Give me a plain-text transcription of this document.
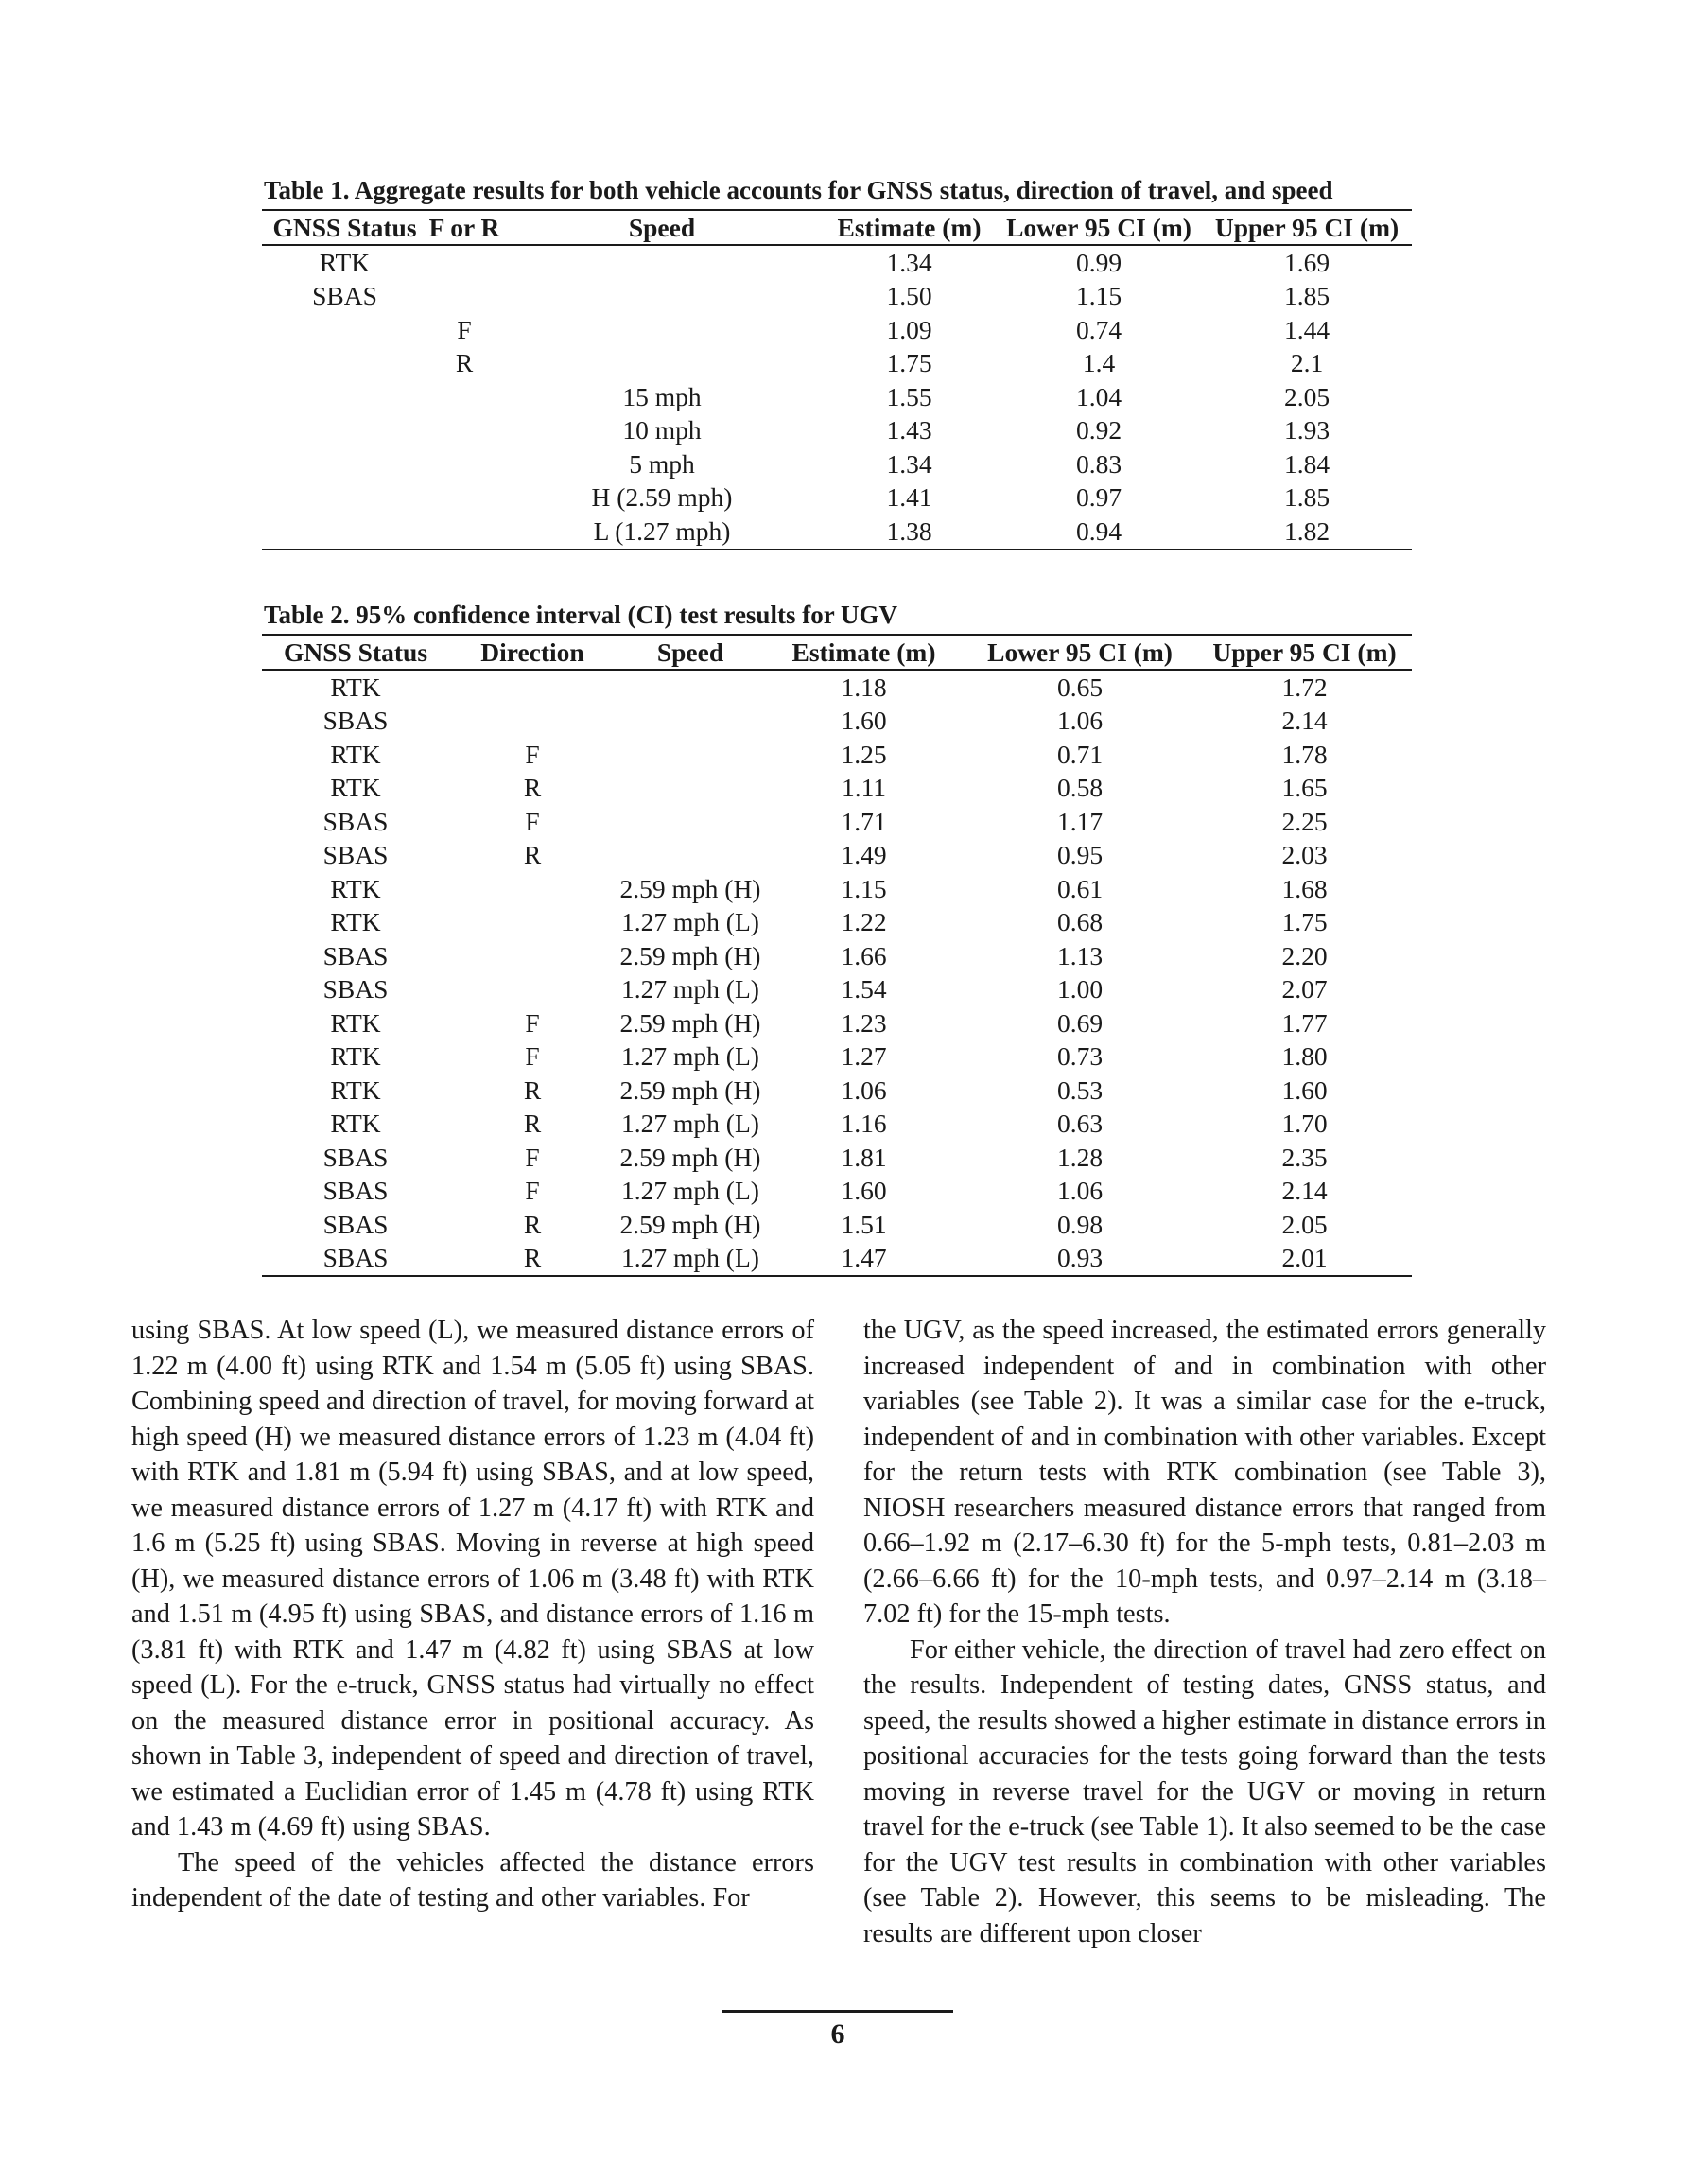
Table 1. Aggregate results for both vehicle accounts for GNSS status, direction of travel, and speed
GNSS Status	F or R	Speed	Estimate (m)	Lower 95 CI (m)	Upper 95 CI (m)
RTK			1.34	0.99	1.69
SBAS			1.50	1.15	1.85
	F		1.09	0.74	1.44
	R		1.75	1.4	2.1
		15 mph	1.55	1.04	2.05
		10 mph	1.43	0.92	1.93
		5 mph	1.34	0.83	1.84
		H (2.59 mph)	1.41	0.97	1.85
		L (1.27 mph)	1.38	0.94	1.82
Table 2. 95% confidence interval (CI) test results for UGV
GNSS Status	Direction	Speed	Estimate (m)	Lower 95 CI (m)	Upper 95 CI (m)
RTK			1.18	0.65	1.72
SBAS			1.60	1.06	2.14
RTK	F		1.25	0.71	1.78
RTK	R		1.11	0.58	1.65
SBAS	F		1.71	1.17	2.25
SBAS	R		1.49	0.95	2.03
RTK		2.59 mph (H)	1.15	0.61	1.68
RTK		1.27 mph (L)	1.22	0.68	1.75
SBAS		2.59 mph (H)	1.66	1.13	2.20
SBAS		1.27 mph (L)	1.54	1.00	2.07
RTK	F	2.59 mph (H)	1.23	0.69	1.77
RTK	F	1.27 mph (L)	1.27	0.73	1.80
RTK	R	2.59 mph (H)	1.06	0.53	1.60
RTK	R	1.27 mph (L)	1.16	0.63	1.70
SBAS	F	2.59 mph (H)	1.81	1.28	2.35
SBAS	F	1.27 mph (L)	1.60	1.06	2.14
SBAS	R	2.59 mph (H)	1.51	0.98	2.05
SBAS	R	1.27 mph (L)	1.47	0.93	2.01

using SBAS. At low speed (L), we measured distance errors of 1.22 m (4.00 ft) using RTK and 1.54 m (5.05 ft) using SBAS. Combining speed and direction of travel, for moving forward at high speed (H) we measured distance errors of 1.23 m (4.04 ft) with RTK and 1.81 m (5.94 ft) using SBAS, and at low speed, we measured distance errors of 1.27 m (4.17 ft) with RTK and 1.6 m (5.25 ft) using SBAS. Moving in reverse at high speed (H), we measured distance errors of 1.06 m (3.48 ft) with RTK and 1.51 m (4.95 ft) using SBAS, and distance errors of 1.16 m (3.81 ft) with RTK and 1.47 m (4.82 ft) using SBAS at low speed (L). For the e-truck, GNSS status had virtually no effect on the measured distance error in positional accuracy. As shown in Table 3, independent of speed and direction of travel, we estimated a Euclidian error of 1.45 m (4.78 ft) using RTK and 1.43 m (4.69 ft) using SBAS.

The speed of the vehicles affected the distance errors independent of the date of testing and other variables. For

the UGV, as the speed increased, the estimated errors generally increased independent of and in combination with other variables (see Table 2). It was a similar case for the e-truck, independent of and in combination with other variables. Except for the return tests with RTK combination (see Table 3), NIOSH researchers measured distance errors that ranged from 0.66–1.92 m (2.17–6.30 ft) for the 5-mph tests, 0.81–2.03 m (2.66–6.66 ft) for the 10-mph tests, and 0.97–2.14 m (3.18–7.02 ft) for the 15-mph tests.

For either vehicle, the direction of travel had zero effect on the results. Independent of testing dates, GNSS status, and speed, the results showed a higher estimate in distance errors in positional accuracies for the tests going forward than the tests moving in reverse travel for the UGV or moving in return travel for the e-truck (see Table 1). It also seemed to be the case for the UGV test results in combination with other variables (see Table 2). However, this seems to be misleading. The results are different upon closer

6
